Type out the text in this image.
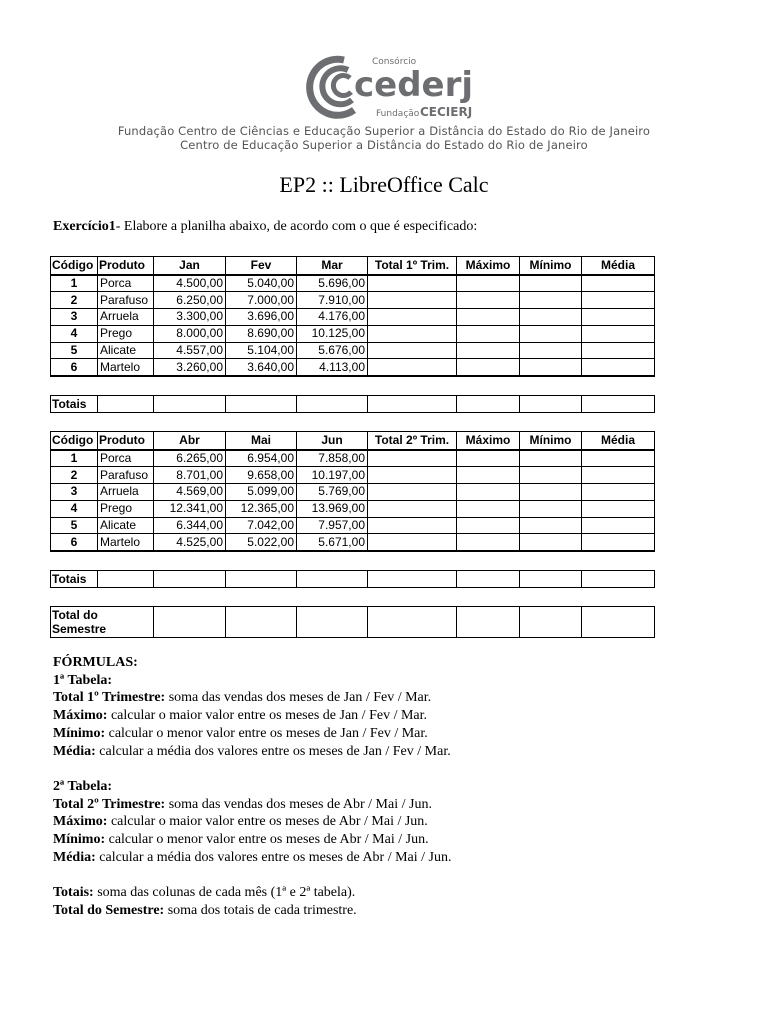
Consórcio
cederj
Fundação CECIERJ
Fundação Centro de Ciências e Educação Superior a Distância do Estado do Rio de Janeiro
Centro de Educação Superior a Distância do Estado do Rio de Janeiro
EP2 :: LibreOffice Calc
Exercício1- Elabore a planilha abaixo, de acordo com o que é especificado:
Código	Produto	Jan	Fev	Mar	Total 1º Trim.	Máximo	Mínimo	Média
1	Porca	4.500,00	5.040,00	5.696,00				
2	Parafuso	6.250,00	7.000,00	7.910,00				
3	Arruela	3.300,00	3.696,00	4.176,00				
4	Prego	8.000,00	8.690,00	10.125,00				
5	Alicate	4.557,00	5.104,00	5.676,00				
6	Martelo	3.260,00	3.640,00	4.113,00				
Totais								
Código	Produto	Abr	Mai	Jun	Total 2º Trim.	Máximo	Mínimo	Média
1	Porca	6.265,00	6.954,00	7.858,00				
2	Parafuso	8.701,00	9.658,00	10.197,00				
3	Arruela	4.569,00	5.099,00	5.769,00				
4	Prego	12.341,00	12.365,00	13.969,00				
5	Alicate	6.344,00	7.042,00	7.957,00				
6	Martelo	4.525,00	5.022,00	5.671,00				
Totais								
Total do
Semestre							

FÓRMULAS:

1ª Tabela:

Total 1º Trimestre: soma das vendas dos meses de Jan / Fev / Mar.

Máximo: calcular o maior valor entre os meses de Jan / Fev / Mar.

Mínimo: calcular o menor valor entre os meses de Jan / Fev / Mar.

Média: calcular a média dos valores entre os meses de Jan / Fev / Mar.

2ª Tabela:

Total 2º Trimestre: soma das vendas dos meses de Abr / Mai / Jun.

Máximo: calcular o maior valor entre os meses de Abr / Mai / Jun.

Mínimo: calcular o menor valor entre os meses de Abr / Mai / Jun.

Média: calcular a média dos valores entre os meses de Abr / Mai / Jun.

Totais: soma das colunas de cada mês (1ª e 2ª tabela).

Total do Semestre: soma dos totais de cada trimestre.
